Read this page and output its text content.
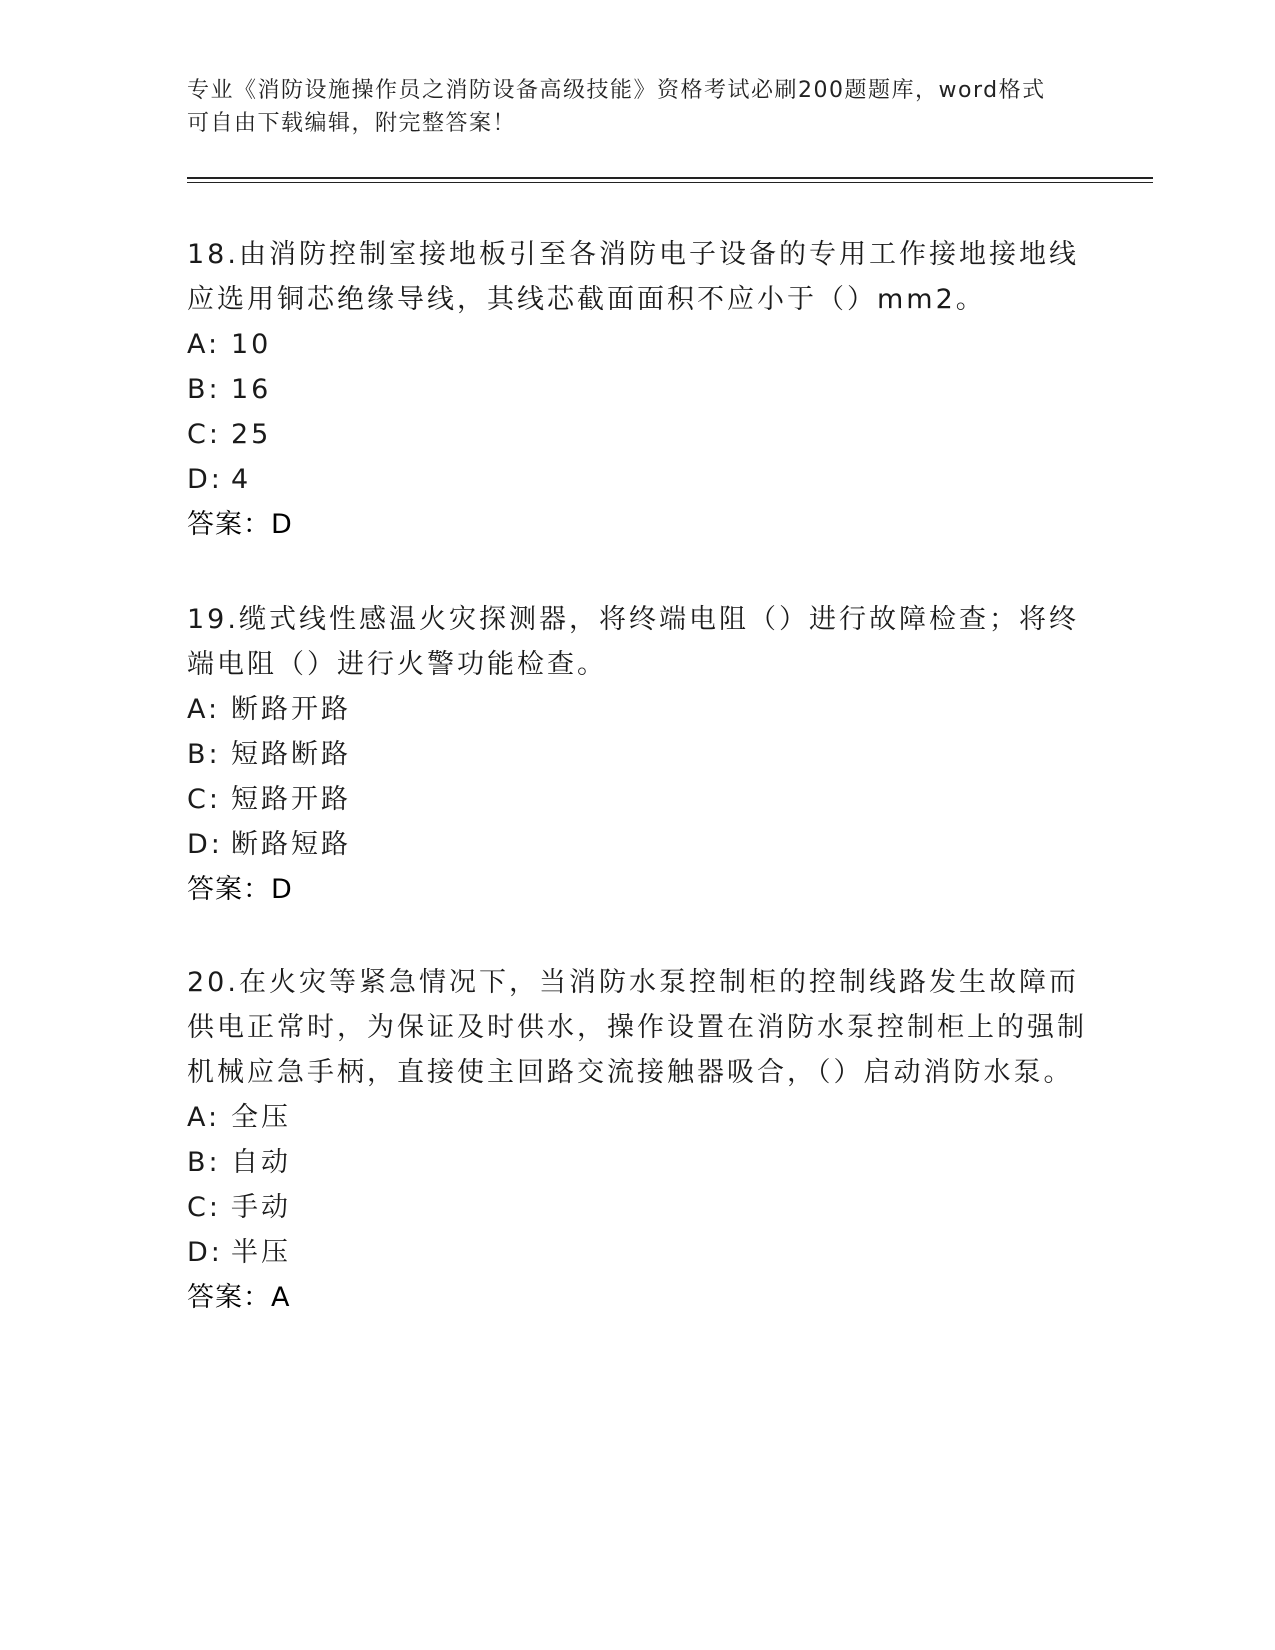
专业《消防设施操作员之消防设备高级技能》资格考试必刷200题题库，word格式可自由下载编辑，附完整答案！

18.由消防控制室接地板引至各消防电子设备的专用工作接地接地线应选用铜芯绝缘导线，其线芯截面面积不应小于（）mm2。

A: 10

B: 16

C: 25

D: 4

答案：D

19.缆式线性感温火灾探测器，将终端电阻（）进行故障检查；将终端电阻（）进行火警功能检查。

A: 断路开路

B: 短路断路

C: 短路开路

D: 断路短路

答案：D

20.在火灾等紧急情况下，当消防水泵控制柜的控制线路发生故障而供电正常时，为保证及时供水，操作设置在消防水泵控制柜上的强制机械应急手柄，直接使主回路交流接触器吸合，（）启动消防水泵。

A: 全压

B: 自动

C: 手动

D: 半压

答案：A
